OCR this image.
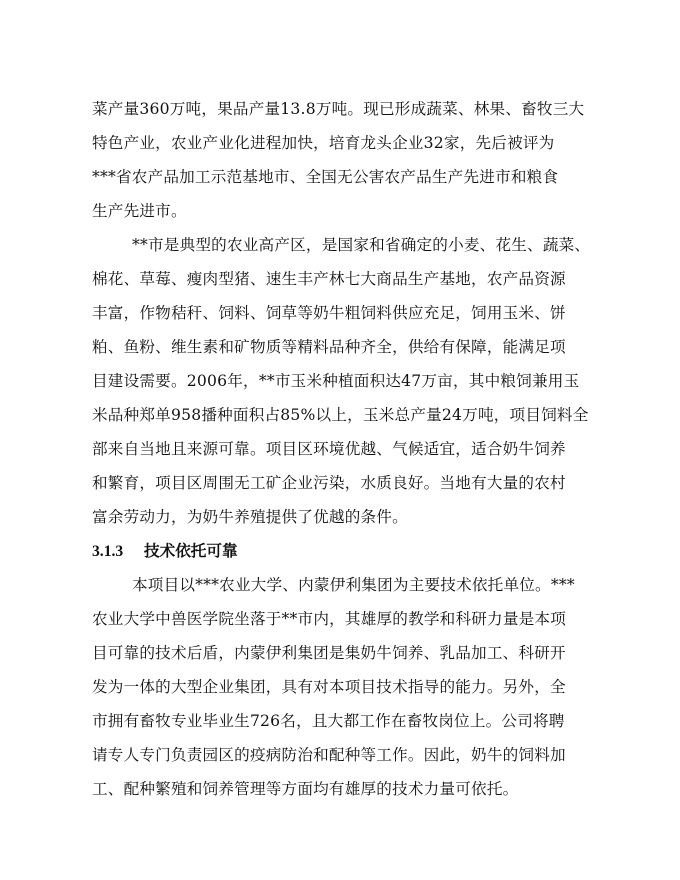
菜产量360万吨，果品产量13.8万吨。现已形成蔬菜、林果、畜牧三大
特色产业，农业产业化进程加快，培育龙头企业32家，先后被评为
***省农产品加工示范基地市、全国无公害农产品生产先进市和粮食
生产先进市。
**市是典型的农业高产区，是国家和省确定的小麦、花生、蔬菜、
棉花、草莓、瘦肉型猪、速生丰产林七大商品生产基地，农产品资源
丰富，作物秸秆、饲料、饲草等奶牛粗饲料供应充足，饲用玉米、饼
粕、鱼粉、维生素和矿物质等精料品种齐全，供给有保障，能满足项
目建设需要。2006年，**市玉米种植面积达47万亩，其中粮饲兼用玉
米品种郑单958播种面积占85%以上，玉米总产量24万吨，项目饲料全
部来自当地且来源可靠。项目区环境优越、气候适宜，适合奶牛饲养
和繁育，项目区周围无工矿企业污染，水质良好。当地有大量的农村
富余劳动力，为奶牛养殖提供了优越的条件。
3.1.3 技术依托可靠
本项目以***农业大学、内蒙伊利集团为主要技术依托单位。***
农业大学中兽医学院坐落于**市内，其雄厚的教学和科研力量是本项
目可靠的技术后盾，内蒙伊利集团是集奶牛饲养、乳品加工、科研开
发为一体的大型企业集团，具有对本项目技术指导的能力。另外，全
市拥有畜牧专业毕业生726名，且大都工作在畜牧岗位上。公司将聘
请专人专门负责园区的疫病防治和配种等工作。因此，奶牛的饲料加
工、配种繁殖和饲养管理等方面均有雄厚的技术力量可依托。
